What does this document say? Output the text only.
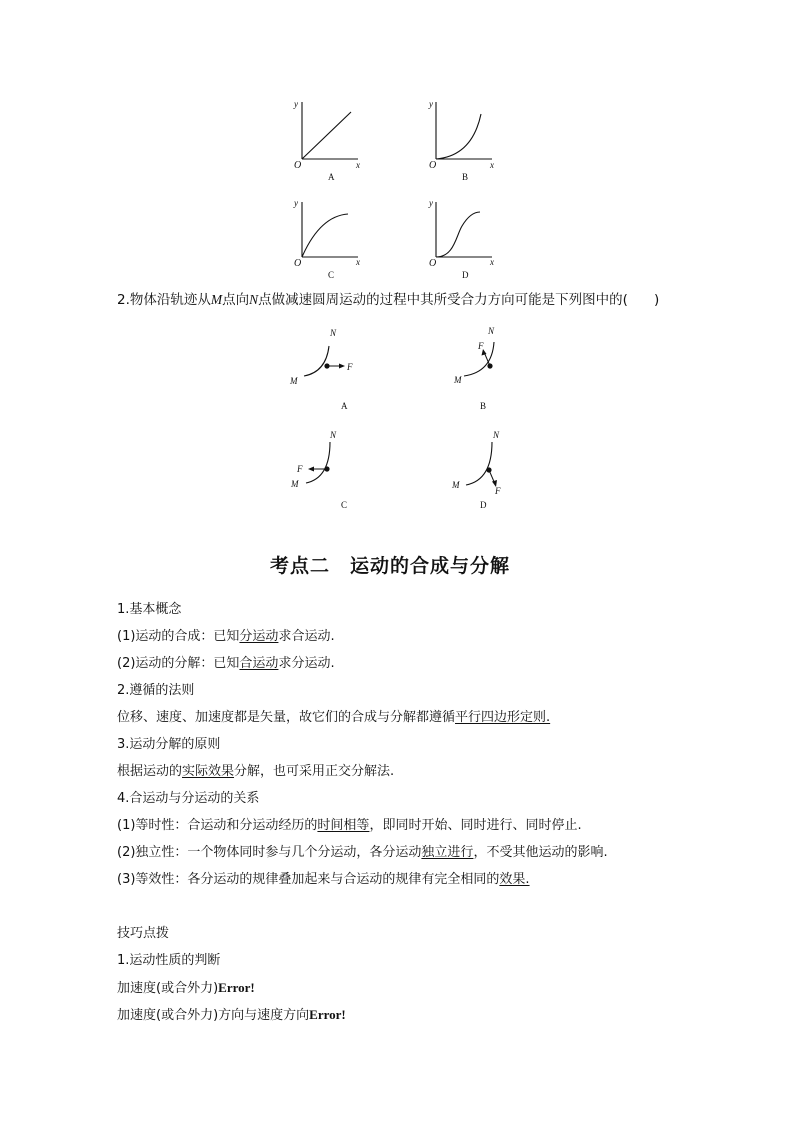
y
O	x
A
y
O	x
B
y
O	x
C
y
O	x
D
2.物体沿轨迹从M点向N点做减速圆周运动的过程中其所受合力方向可能是下列图中的( )
N
M
F
A
N
M
F
B
N
M
F
C
N
M
F
D
考点二　运动的合成与分解
1.基本概念
(1)运动的合成：已知分运动求合运动.
(2)运动的分解：已知合运动求分运动.
2.遵循的法则
位移、速度、加速度都是矢量，故它们的合成与分解都遵循平行四边形定则.
3.运动分解的原则
根据运动的实际效果分解，也可采用正交分解法.
4.合运动与分运动的关系
(1)等时性：合运动和分运动经历的时间相等，即同时开始、同时进行、同时停止.
(2)独立性：一个物体同时参与几个分运动，各分运动独立进行，不受其他运动的影响.
(3)等效性：各分运动的规律叠加起来与合运动的规律有完全相同的效果.
技巧点拨
1.运动性质的判断
加速度(或合外力)Error!
加速度(或合外力)方向与速度方向Error!
